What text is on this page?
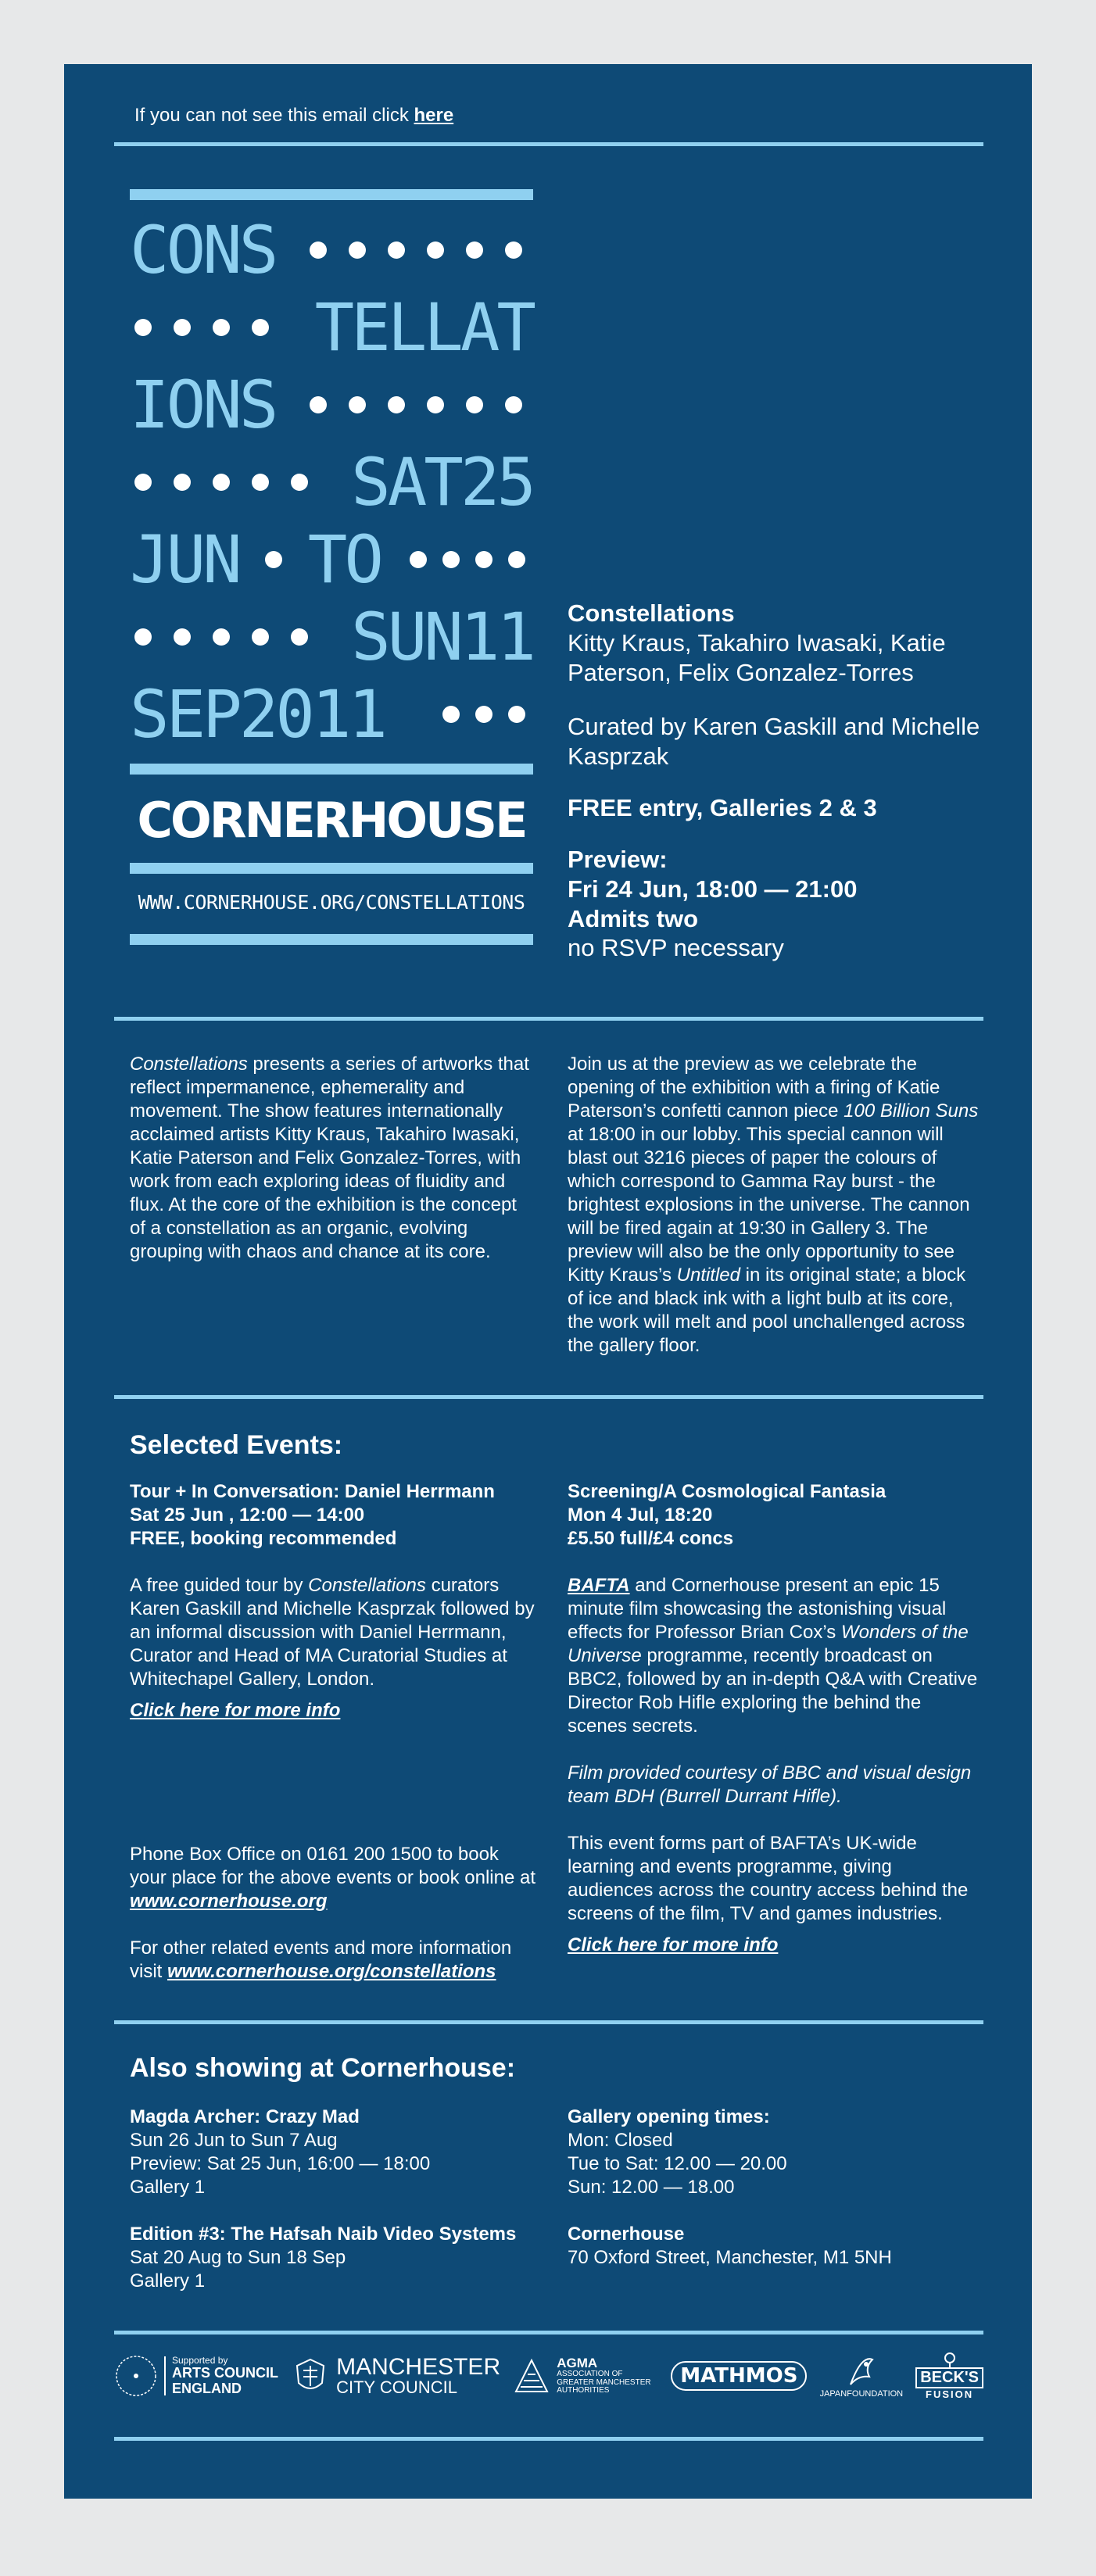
If you can not see this email click here
CONS
TELLAT
IONS
SAT25
JUN TO
SUN11
SEP2011
CORNERHOUSE
WWW.CORNERHOUSE.ORG/CONSTELLATIONS

Constellations
Kitty Kraus, Takahiro Iwasaki, Katie Paterson, Felix Gonzalez-Torres

Curated by Karen Gaskill and Michelle Kasprzak

FREE entry, Galleries 2 & 3

Preview:
Fri 24 Jun, 18:00 — 21:00
Admits two
no RSVP necessary

Constellations presents a series of artworks that reflect impermanence, ephemerality and movement. The show features internationally acclaimed artists Kitty Kraus, Takahiro Iwasaki, Katie Paterson and Felix Gonzalez-Torres, with work from each exploring ideas of fluidity and flux. At the core of the exhibition is the concept of a constellation as an organic, evolving grouping with chaos and chance at its core.

Join us at the preview as we celebrate the opening of the exhibition with a firing of Katie Paterson’s confetti cannon piece 100 Billion Suns at 18:00 in our lobby. This special cannon will blast out 3216 pieces of paper the colours of which correspond to Gamma Ray burst - the brightest explosions in the universe. The cannon will be fired again at 19:30 in Gallery 3. The preview will also be the only opportunity to see Kitty Kraus’s Untitled in its original state; a block of ice and black ink with a light bulb at its core, the work will melt and pool unchallenged across the gallery floor.

Selected Events:

Tour + In Conversation: Daniel Herrmann

Sat 25 Jun , 12:00 — 14:00

FREE, booking recommended

A free guided tour by Constellations curators Karen Gaskill and Michelle Kasprzak followed by an informal discussion with Daniel Herrmann, Curator and Head of MA Curatorial Studies at Whitechapel Gallery, London.

Click here for more info

Phone Box Office on 0161 200 1500 to book your place for the above events or book online at www.cornerhouse.org

For other related events and more information visit www.cornerhouse.org/constellations

Screening/A Cosmological Fantasia

Mon 4 Jul, 18:20

£5.50 full/£4 concs

BAFTA and Cornerhouse present an epic 15 minute film showcasing the astonishing visual effects for Professor Brian Cox’s Wonders of the Universe programme, recently broadcast on BBC2, followed by an in-depth Q&A with Creative Director Rob Hifle exploring the behind the scenes secrets.

Film provided courtesy of BBC and visual design team BDH (Burrell Durrant Hifle).

This event forms part of BAFTA’s UK-wide learning and events programme, giving audiences across the country access behind the screens of the film, TV and games industries.

Click here for more info

Also showing at Cornerhouse:

Magda Archer: Crazy Mad

Sun 26 Jun to Sun 7 Aug

Preview: Sat 25 Jun, 16:00 — 18:00

Gallery 1

Edition #3: The Hafsah Naib Video Systems

Sat 20 Aug to Sun 18 Sep

Gallery 1

Gallery opening times:

Mon: Closed

Tue to Sat: 12.00 — 20.00

Sun: 12.00 — 18.00

Cornerhouse

70 Oxford Street, Manchester, M1 5NH

Supported by
ARTS COUNCIL
ENGLAND
MANCHESTER
CITY COUNCIL
AGMA
ASSOCIATION OF GREATER MANCHESTER AUTHORITIES
MATHMOS
JAPANFOUNDATION
BECK'S
FUSION
